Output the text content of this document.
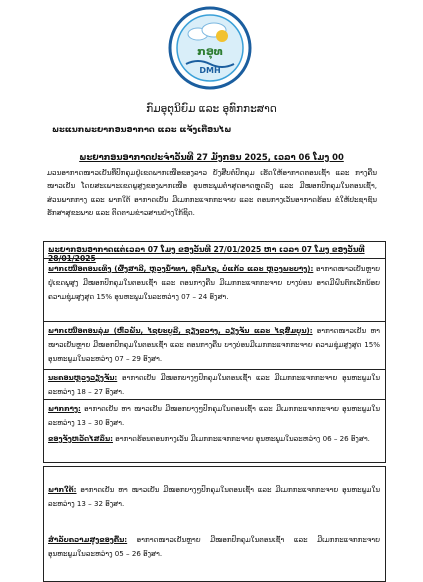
ກອຸທ
DMH
ກົມອຸຕຸນິຍົມ ແລະ ອຸທົກກະສາດ
ພະແນກພະຍາກອນອາກາດ ແລະ ແຈ້ງເຕືອນໄພ
ພະຍາກອນອາກາດປະຈຳວັນທີ 27 ມັງກອນ 2025, ເວລາ 06 ໂມງ 00
ມວນອາກາດໜາວເຢັນທີ່ປົກຄຸມຢູ່ເຂດພາກເໜືອຂອງລາວ ຍັງສືບຕໍ່ປົກຄຸມ ເຮັດໃຫ້ອາກາດຕອນເຊົ້າ ແລະ ກາງຄືນໜາວເຢັນ ໂດຍສະເພາະເຂດພູສູງຂອງພາກເໜືອ ອຸນຫະພູມຕໍ່າສຸດອາດຫຼຸດລົງ ແລະ ມີໝອກປົກຄຸມໃນຕອນເຊົ້າ, ສ່ວນພາກກາງ ແລະ ພາກໃຕ້ ອາກາດເຢັນ ມີເມກກະແຈກກະຈາຍ ແລະ ຕອນກາງເວັນອາກາດຮ້ອນ ຂໍໃຫ້ປະຊາຊົນຮັກສາສຸຂະພາບ ແລະ ຕິດຕາມຂ່າວສານຢ່າງໃກ້ຊິດ.
ພະຍາກອນອາກາດແຕ່ເວລາ 07 ໂມງ ຂອງວັນທີ 27/01/2025 ຫາ ເວລາ 07 ໂມງ ຂອງວັນທີ 28/01/2025
ພາກເໜືອຕອນເທິງ (ຜົ້ງສາລີ, ຫຼວງນ້ຳທາ, ອຸດົມໄຊ, ບໍ່ແກ້ວ ແລະ ຫຼວງພະບາງ): ອາກາດໜາວເຢັນຫຼາຍຢູ່ເຂດພູສູງ ມີໝອກປົກຄຸມໃນຕອນເຊົ້າ ແລະ ຕອນກາງຄືນ ມີເມກກະແຈກກະຈາຍ ບາງບ່ອນ ອາດມີຝົນຕົກເລັກນ້ອຍ ຄວາມຊຸ່ມສູງສຸດ 15% ອຸນຫະພູມໃນລະຫວ່າງ 07 – 24 ອົງສາ.
ພາກເໜືອຕອນລຸ່ມ (ຫົວພັນ, ໄຊຍະບູລີ, ຊຽງຂວາງ, ວຽງຈັນ ແລະ ໄຊສົມບູນ): ອາກາດໜາວເຢັນ ຫາ ໜາວເຢັນຫຼາຍ ມີໝອກປົກຄຸມໃນຕອນເຊົ້າ ແລະ ຕອນກາງຄືນ ບາງບ່ອນມີເມກກະແຈກກະຈາຍ ຄວາມຊຸ່ມສູງສຸດ 15% ອຸນຫະພູມໃນລະຫວ່າງ 07 – 29 ອົງສາ.
ນະຄອນຫຼວງວຽງຈັນ: ອາກາດເຢັນ ມີໝອກບາງໆປົກຄຸມໃນຕອນເຊົ້າ ແລະ ມີເມກກະແຈກກະຈາຍ ອຸນຫະພູມໃນລະຫວ່າງ 18 – 27 ອົງສາ.
ພາກກາງ: ອາກາດເຢັນ ຫາ ໜາວເຢັນ ມີໝອກບາງໆປົກຄຸມໃນຕອນເຊົ້າ ແລະ ມີເມກກະແຈກກະຈາຍ ອຸນຫະພູມໃນລະຫວ່າງ 13 – 30 ອົງສາ.
ຂອງຈັງຫວັດໄສລຶນ: ອາກາດຮ້ອນຕອນກາງເວັນ ມີເມກກະແຈກກະຈາຍ ອຸນຫະພູມໃນລະຫວ່າງ 06 – 26 ອົງສາ.
ພາກໃຕ້: ອາກາດເຢັນ ຫາ ໜາວເຢັນ ມີໝອກບາງໆປົກຄຸມໃນຕອນເຊົ້າ ແລະ ມີເມກກະແຈກກະຈາຍ ອຸນຫະພູມໃນລະຫວ່າງ 13 – 32 ອົງສາ.
ສຳລັບຄວາມສູງຂອງຄື້ນ: ອາກາດໜາວເຢັນຫຼາຍ ມີໝອກປົກຄຸມໃນຕອນເຊົ້າ ແລະ ມີເມກກະແຈກກະຈາຍ ອຸນຫະພູມໃນລະຫວ່າງ 05 – 26 ອົງສາ.
